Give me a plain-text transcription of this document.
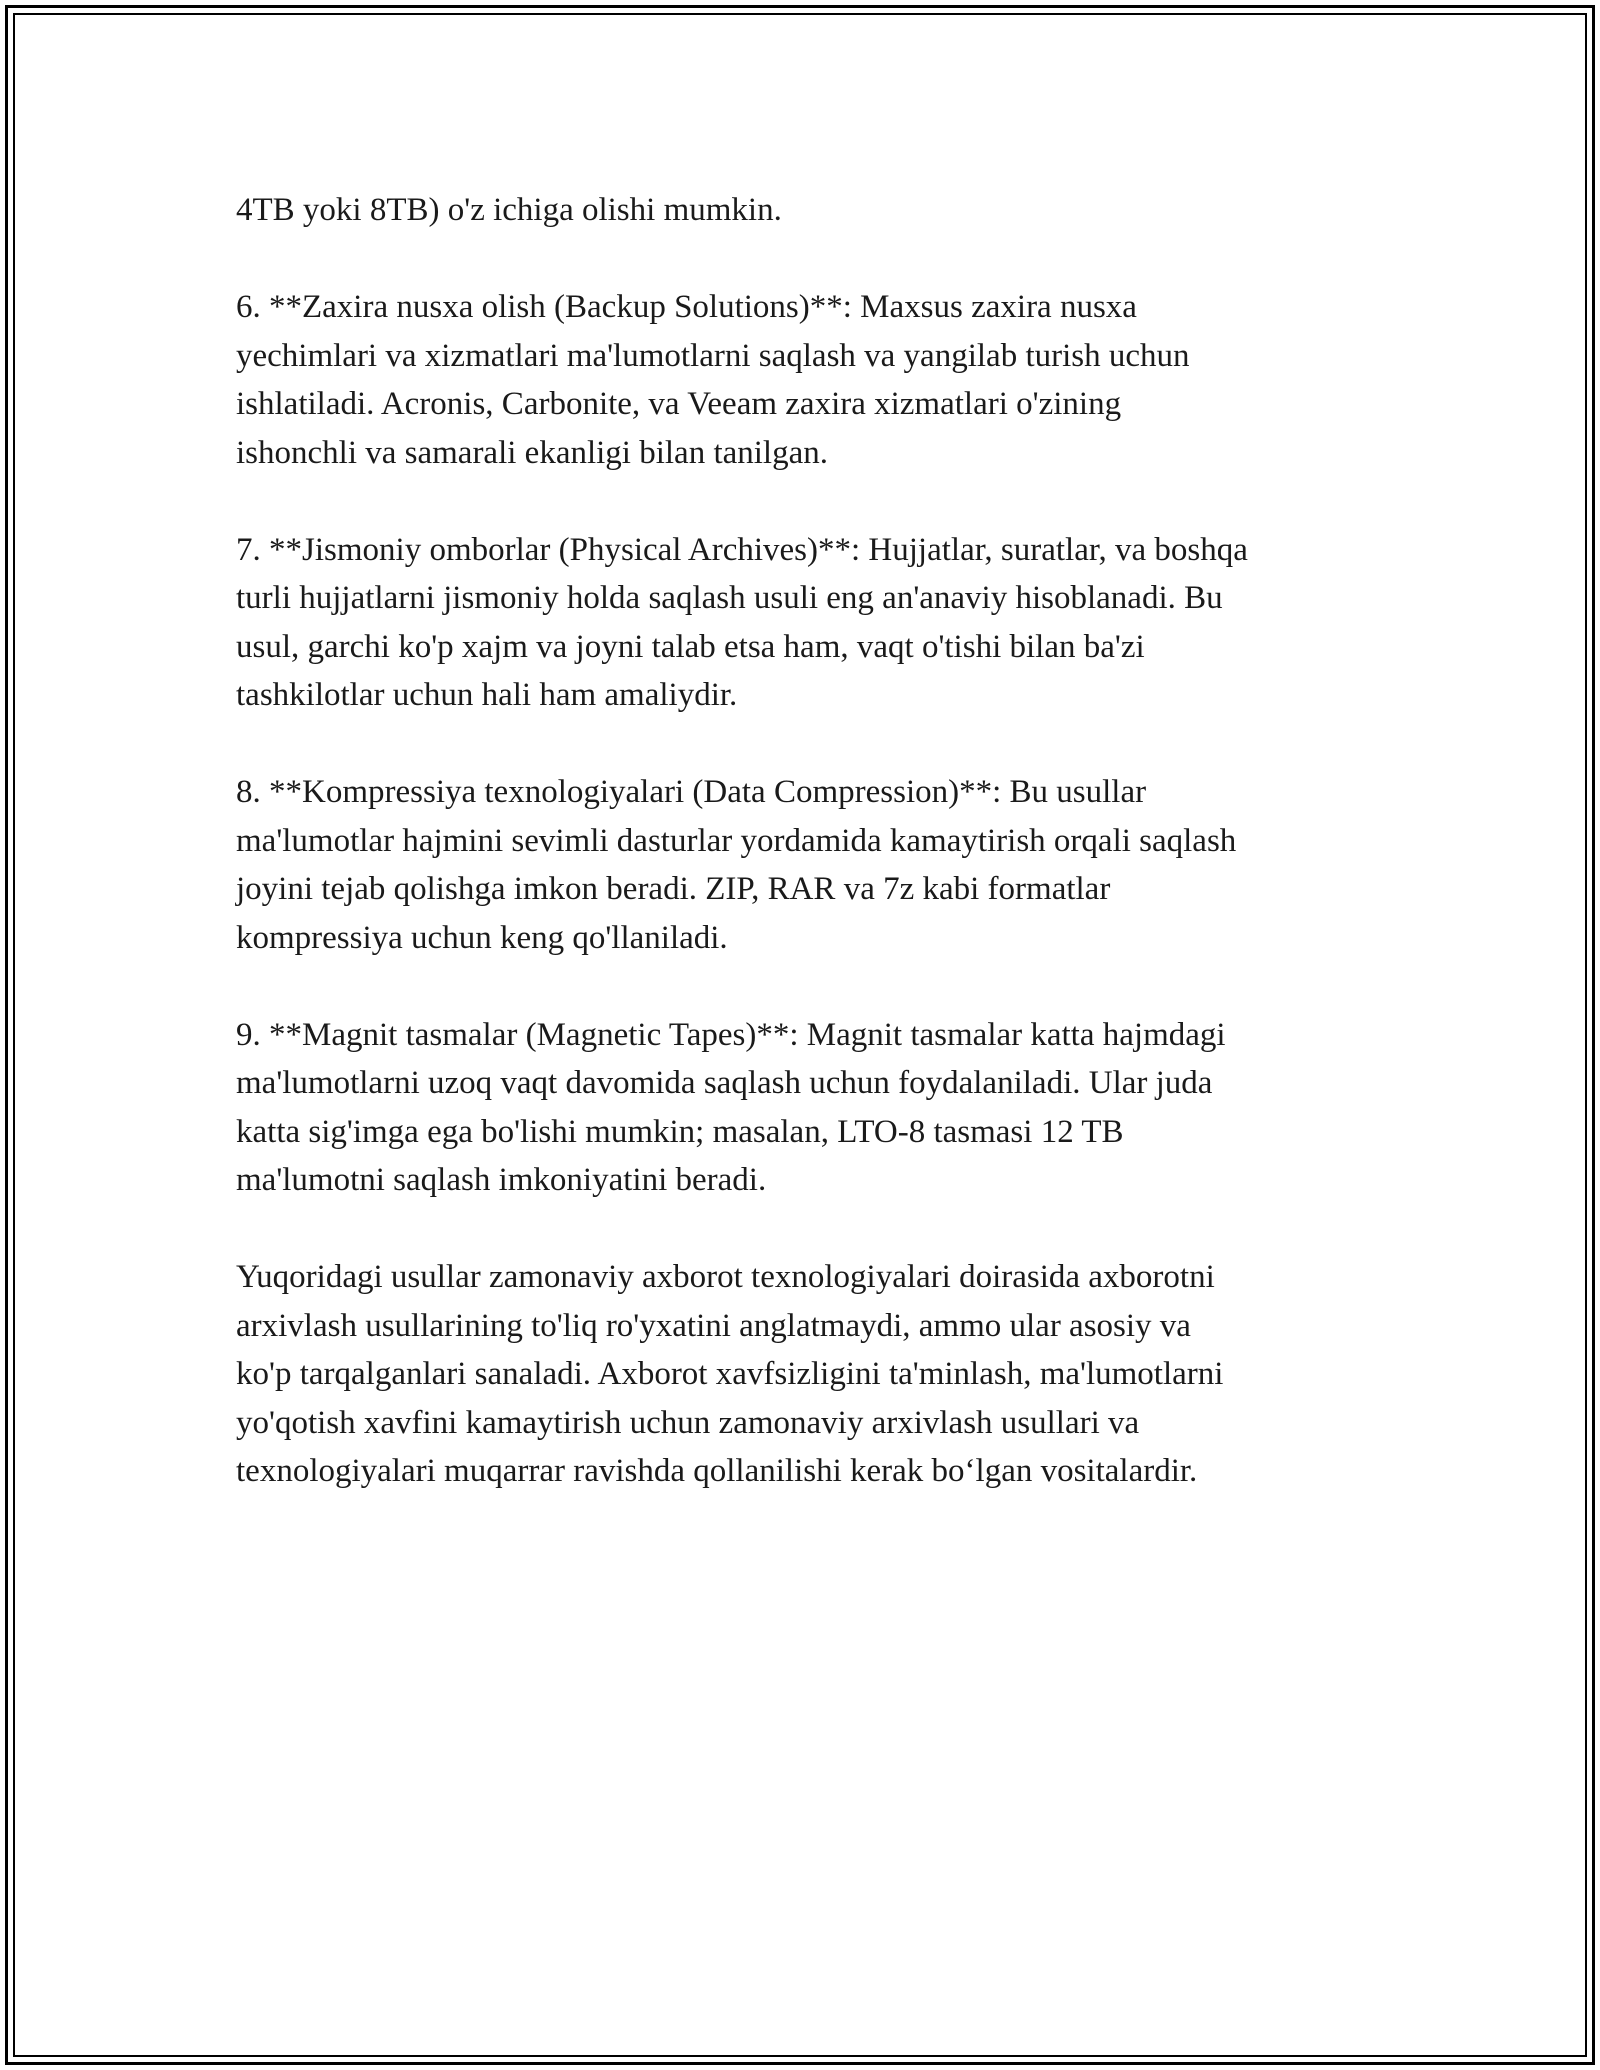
4TB yoki 8TB) o'z ichiga olishi mumkin.

6. **Zaxira nusxa olish (Backup Solutions)**: Maxsus zaxira nusxa
yechimlari va xizmatlari ma'lumotlarni saqlash va yangilab turish uchun
ishlatiladi. Acronis, Carbonite, va Veeam zaxira xizmatlari o'zining
ishonchli va samarali ekanligi bilan tanilgan.

7. **Jismoniy omborlar (Physical Archives)**: Hujjatlar, suratlar, va boshqa
turli hujjatlarni jismoniy holda saqlash usuli eng an'anaviy hisoblanadi. Bu
usul, garchi ko'p xajm va joyni talab etsa ham, vaqt o'tishi bilan ba'zi
tashkilotlar uchun hali ham amaliydir.

8. **Kompressiya texnologiyalari (Data Compression)**: Bu usullar
ma'lumotlar hajmini sevimli dasturlar yordamida kamaytirish orqali saqlash
joyini tejab qolishga imkon beradi. ZIP, RAR va 7z kabi formatlar
kompressiya uchun keng qo'llaniladi.

9. **Magnit tasmalar (Magnetic Tapes)**: Magnit tasmalar katta hajmdagi
ma'lumotlarni uzoq vaqt davomida saqlash uchun foydalaniladi. Ular juda
katta sig'imga ega bo'lishi mumkin; masalan, LTO-8 tasmasi 12 TB
ma'lumotni saqlash imkoniyatini beradi.

Yuqoridagi usullar zamonaviy axborot texnologiyalari doirasida axborotni
arxivlash usullarining to'liq ro'yxatini anglatmaydi, ammo ular asosiy va
ko'p tarqalganlari sanaladi. Axborot xavfsizligini ta'minlash, ma'lumotlarni
yo'qotish xavfini kamaytirish uchun zamonaviy arxivlash usullari va
texnologiyalari muqarrar ravishda qollanilishi kerak bo‘lgan vositalardir.
